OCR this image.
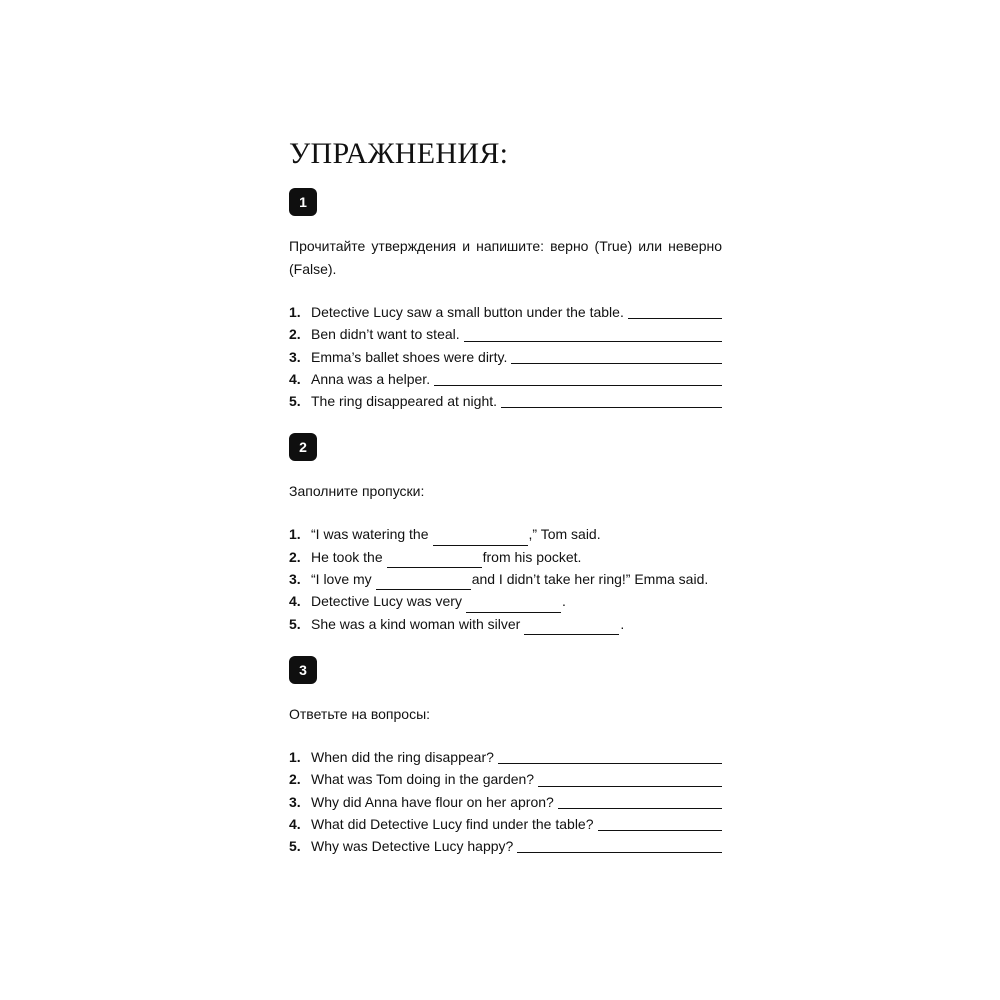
УПРАЖНЕНИЯ:
1

Прочитайте утверждения и напишите: верно (True) или неверно (False).

1. Detective Lucy saw a small button under the table.
2. Ben didn’t want to steal.
3. Emma’s ballet shoes were dirty.
4. Anna was a helper.
5. The ring disappeared at night.
2

Заполните пропуски:

1. “I was watering the	,” Tom said.
2. He took the	from his pocket.
3. “I love my	and I didn’t take her ring!” Emma said.
4. Detective Lucy was very	.
5. She was a kind woman with silver	.
3

Ответьте на вопросы:

1. When did the ring disappear?
2. What was Tom doing in the garden?
3. Why did Anna have flour on her apron?
4. What did Detective Lucy find under the table?
5. Why was Detective Lucy happy?
